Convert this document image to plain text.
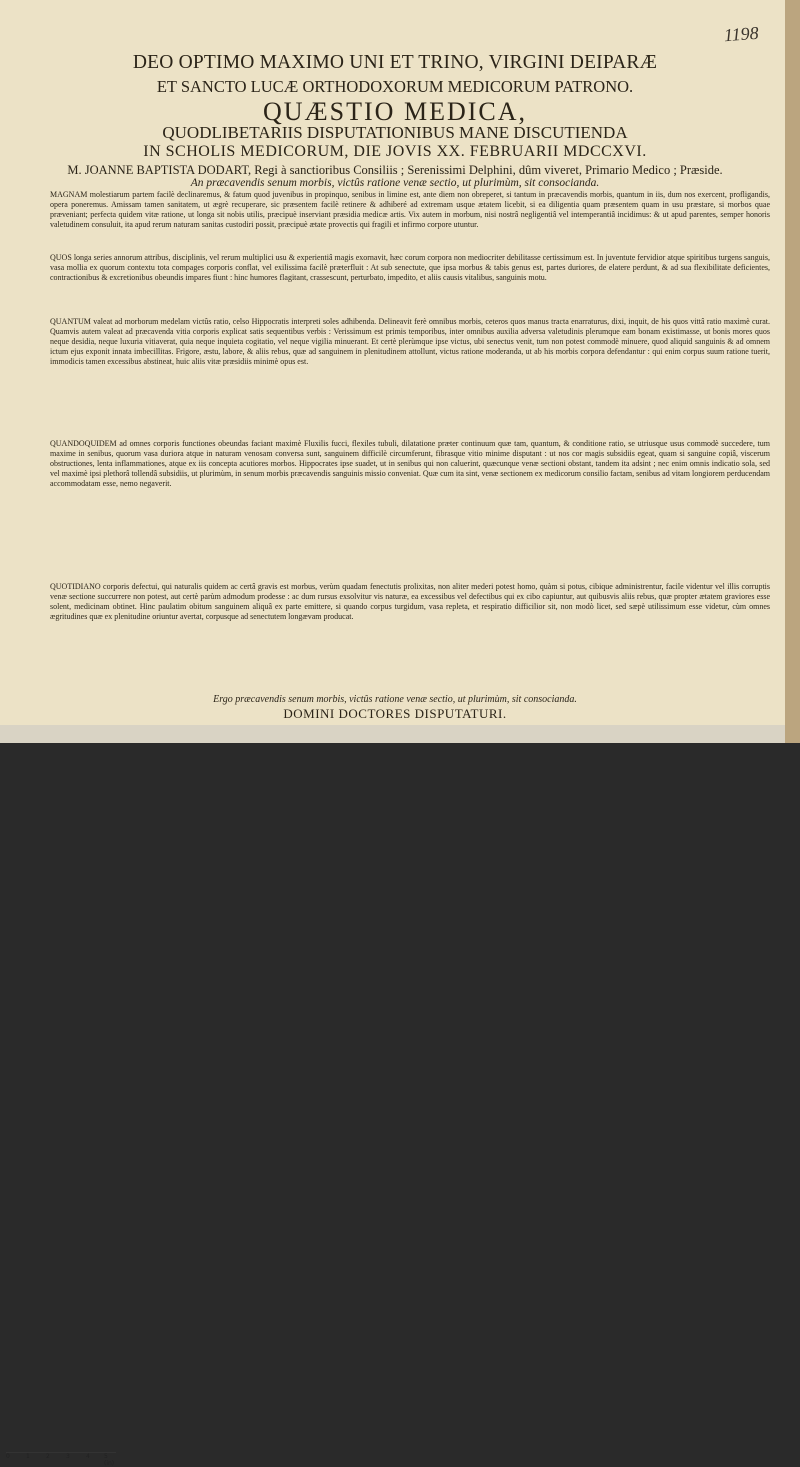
1198
DEO OPTIMO MAXIMO UNI ET TRINO, VIRGINI DEIPARÆ
ET SANCTO LUCÆ ORTHODOXORUM MEDICORUM PATRONO.
QUÆSTIO MEDICA,
QUODLIBETARIIS DISPUTATIONIBUS MANE DISCUTIENDA
IN SCHOLIS MEDICORUM, DIE JOVIS XX. FEBRUARII MDCCXVI.
M. JOANNE BAPTISTA DODART, Regi à sanctioribus Consiliis ; Serenissimi Delphini, dûm viveret, Primario Medico ; Præside.
An præcavendis senum morbis, victûs ratione venæ sectio, ut plurimùm, sit consocianda.

MAGNAM molestiarum partem facilè declinaremus, & fatum quod juvenibus in propinquo, senibus in limine est, ante diem non obreperet, si tantum in præcavendis morbis, quantum in iis, dum nos exercent, profligandis, opera poneremus. Amissam tamen sanitatem, ut ægrè recuperare, sic præsentem facilè retinere & adhiberé ad extremam usque ætatem licebit, si ea diligentia quam præsentem quam in usu præstare, si morbos quae præveniant; perfecta quidem vitæ ratione, ut longa sit nobis utilis, præcipuè inserviant præsidia medicæ artis. Vix autem in morbum, nisi nostrâ negligentiâ vel intemperantiâ incidimus: & ut apud parentes, semper honoris valetudinem consuluit, ita apud rerum naturam sanitas custodiri possit, præcipuè ætate provectis qui fragili et infirmo corpore utuntur.

QUOS longa series annorum attribus, disciplinis, vel rerum multiplici usu & experientiâ magis exornavit, hæc corum corpora non mediocriter debilitasse certissimum est. In juventute fervidior atque spiritibus turgens sanguis, vasa mollia ex quorum contextu tota compages corporis conflat, vel exilissima facilè præterfluit : At sub senectute, que ipsa morbus & tabis genus est, partes duriores, de elatere perdunt, & ad sua flexibilitate deficientes, contractionibus & excretionibus obeundis impares fiunt : hinc humores flagitant, crassescunt, perturbato, impedito, et aliis causis vitalibus, sanguinis motu.

QUANTUM valeat ad morborum medelam victûs ratio, celso Hippocratis interpreti soles adhibenda. Delineavit ferè omnibus morbis, ceteros quos manus tracta enarraturus, dixi, inquit, de his quos vittâ ratio maximè curat. Quamvis autem valeat ad præcavenda vitia corporis explicat satis sequentibus verbis : Verissimum est primis temporibus, inter omnibus auxilia adversa valetudinis plerumque eam bonam existimasse, ut bonis mores quos neque desidia, neque luxuria vitiaverat, quia neque inquieta cogitatio, vel neque vigilia minuerant. Et certè plerùmque ipse victus, ubi senectus venit, tum non potest commodè minuere, quod aliquid sanguinis & ad omnem ictum ejus exponit innata imbecillitas. Frigore, æstu, labore, & aliis rebus, quæ ad sanguinem in plenitudinem attollunt, victus ratione moderanda, ut ab his morbis corpora defendantur : qui enim corpus suum ratione tuerit, immodicis tamen excessibus abstineat, huic aliis vitæ præsidiis minimè opus est.

QUANDOQUIDEM ad omnes corporis functiones obeundas faciant maximè Fluxilis fucci, flexiles tubuli, dilatatione præter continuum quæ tam, quantum, & conditione ratio, se utriusque usus commodè succedere, tum maxime in senibus, quorum vasa duriora atque in naturam venosam conversa sunt, sanguinem difficilè circumferunt, fibrasque vitio minime disputant : ut nos cor magis subsidiis egeat, quam si sanguine copiâ, viscerum obstructiones, lenta inflammationes, atque ex iis concepta acutiores morbos. Hippocrates ipse suadet, ut in senibus qui non caluerint, quæcunque venæ sectioni obstant, tandem ita adsint ; nec enim omnis indicatio sola, sed vel maximè ipsi plethorâ tollendâ subsidiis, ut plurimùm, in senum morbis præcavendis sanguinis missio conveniat. Quæ cum ita sint, venæ sectionem ex medicorum consilio factam, senibus ad vitam longiorem perducendam accommodatam esse, nemo negaverit.

QUOTIDIANO corporis defectui, qui naturalis quidem ac certâ gravis est morbus, verùm quadam fenectutis prolixitas, non aliter mederi potest homo, quàm si potus, cibique administrentur, facile videntur vel illis corruptis venæ sectione succurrere non potest, aut certè parùm admodum prodesse : ac dum rursus exsolvitur vis naturæ, ea excessibus vel defectibus qui ex cibo capiuntur, aut quibusvis aliis rebus, quæ propter ætatem graviores esse solent, medicinam obtinet. Hinc paulatim obitum sanguinem aliquâ ex parte emittere, si quando corpus turgidum, vasa repleta, et respiratio difficilior sit, non modò licet, sed sæpè utilissimum esse videtur, cùm omnes ægritudines quæ ex plenitudine oriuntur avertat, corpusque ad senectutem longævam producat.

Ergo præcavendis senum morbis, victûs ratione venæ sectio, ut plurimùm, sit consocianda.
DOMINI DOCTORES DISPUTATURI.
0	1	2	3	4 5 (in)
